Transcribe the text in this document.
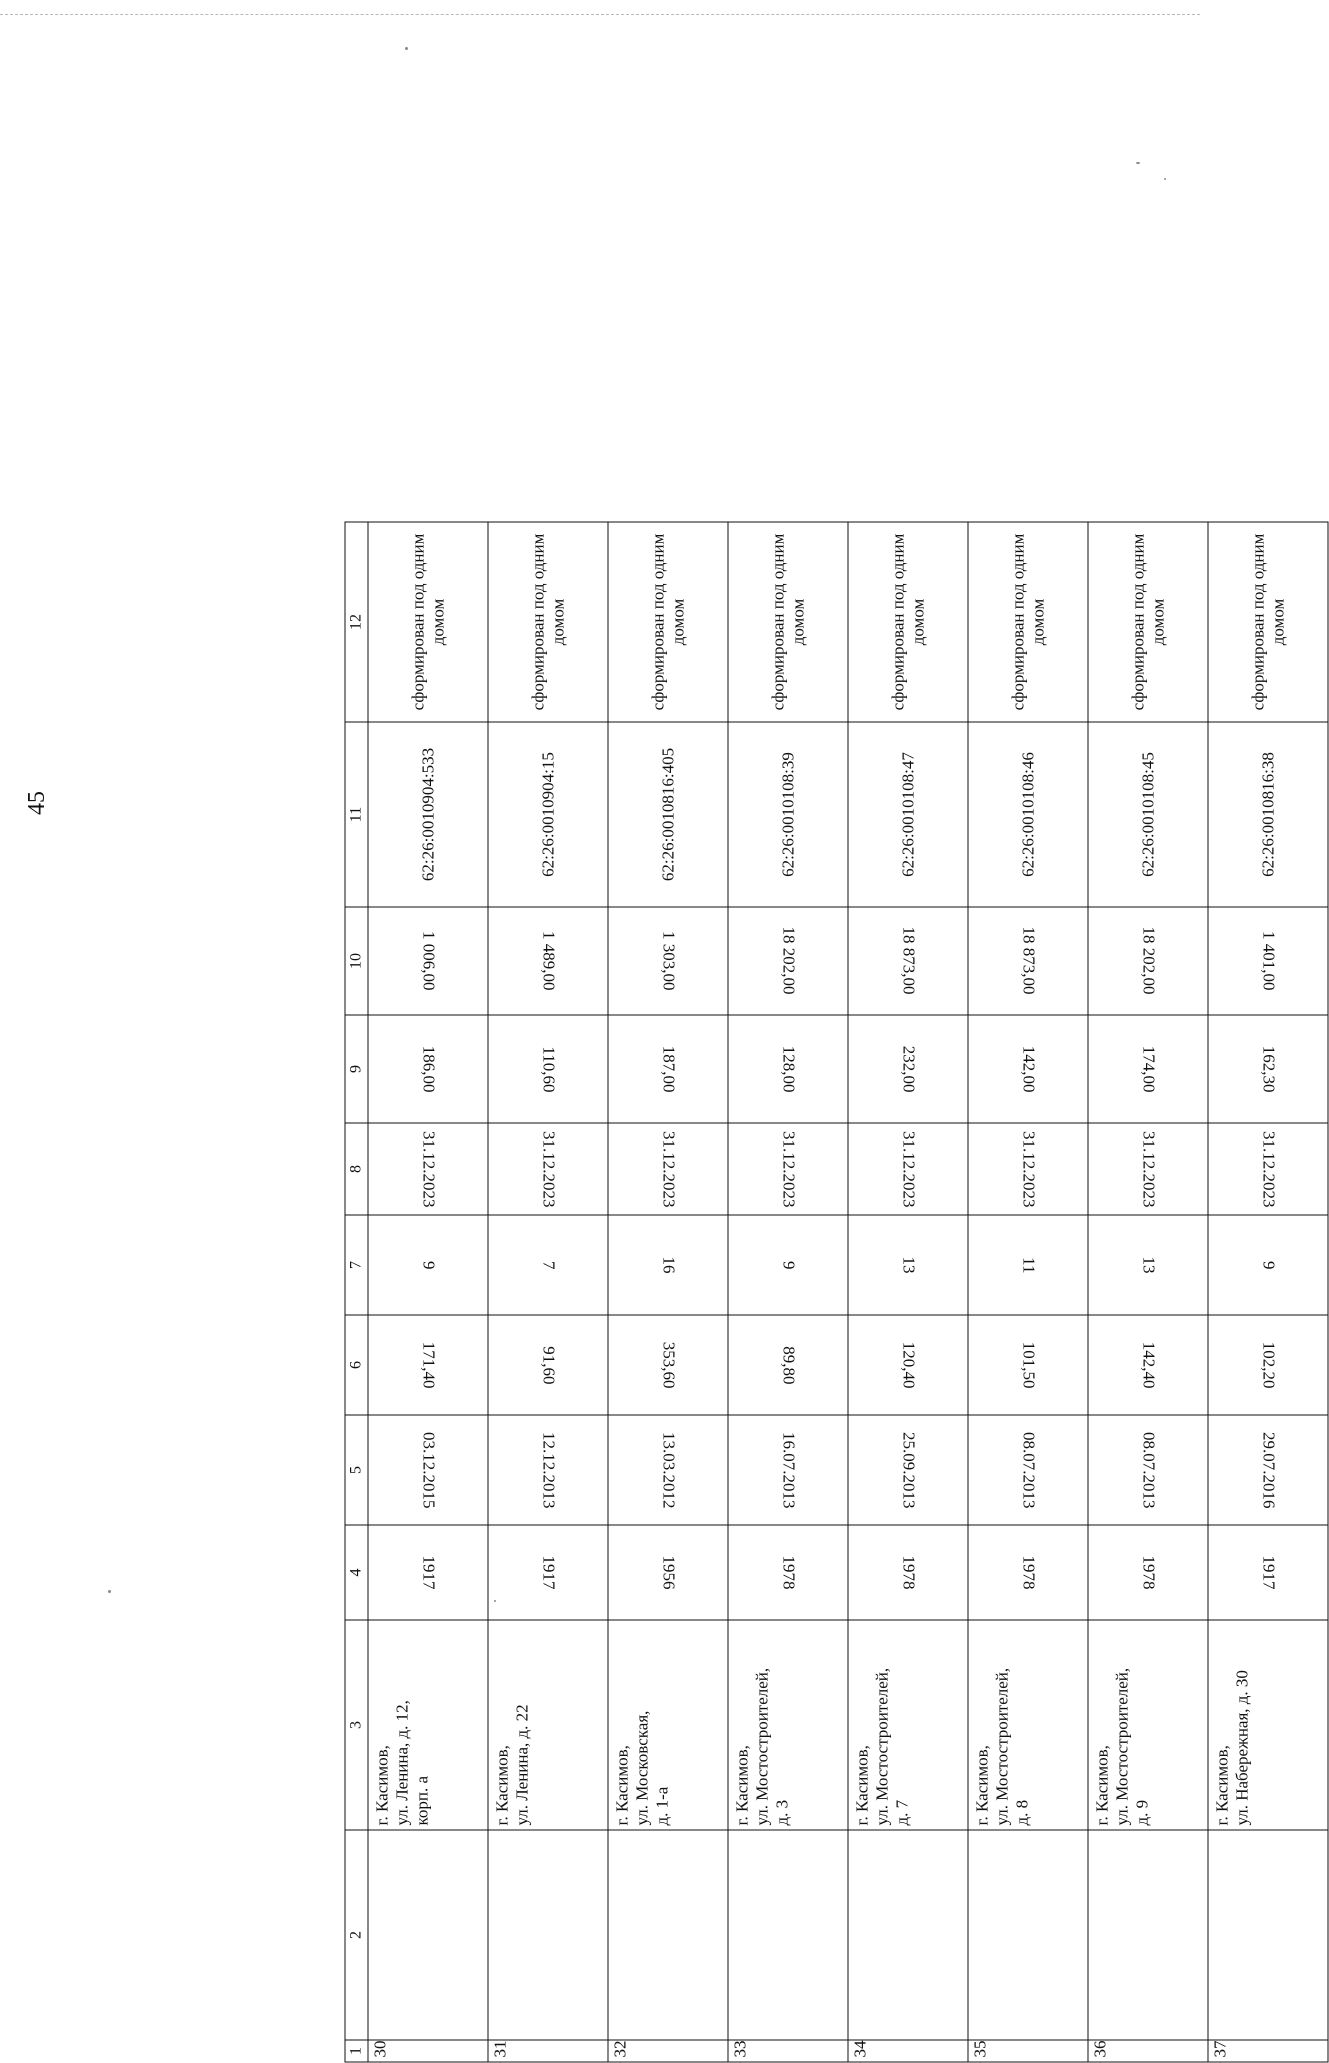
45
1	2	3	4	5	6	7	8	9	10	11	12
30		г. Касимов, ул. Ленина, д. 12, корп. а	1917	03.12.2015	171,40	9	31.12.2023	186,00	1 006,00	62:26:0010904:533	сформирован под одним домом
31		г. Касимов, ул. Ленина, д. 22	1917	12.12.2013	91,60	7	31.12.2023	110,60	1 489,00	62:26:0010904:15	сформирован под одним домом
32		г. Касимов, ул. Московская, д. 1-а	1956	13.03.2012	353,60	16	31.12.2023	187,00	1 303,00	62:26:0010816:405	сформирован под одним домом
33		г. Касимов, ул. Мостостроителей, д. 3	1978	16.07.2013	89,80	9	31.12.2023	128,00	18 202,00	62:26:0010108:39	сформирован под одним домом
34		г. Касимов, ул. Мостостроителей, д. 7	1978	25.09.2013	120,40	13	31.12.2023	232,00	18 873,00	62:26:0010108:47	сформирован под одним домом
35		г. Касимов, ул. Мостостроителей, д. 8	1978	08.07.2013	101,50	11	31.12.2023	142,00	18 873,00	62:26:0010108:46	сформирован под одним домом
36		г. Касимов, ул. Мостостроителей, д. 9	1978	08.07.2013	142,40	13	31.12.2023	174,00	18 202,00	62:26:0010108:45	сформирован под одним домом
37		г. Касимов, ул. Набережная, д. 30	1917	29.07.2016	102,20	9	31.12.2023	162,30	1 401,00	62:26:0010816:38	сформирован под одним домом
